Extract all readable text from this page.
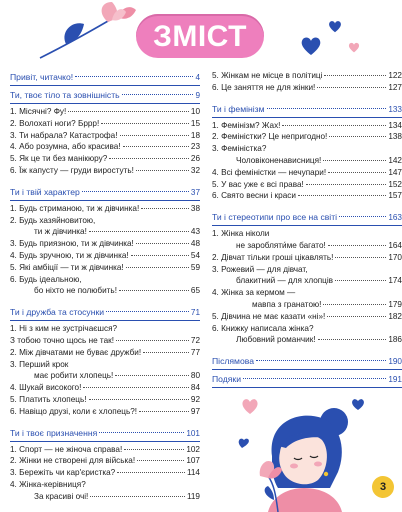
ЗМІСТ
Привіт, читачко!	4
Ти, твоє тіло та зовнішність	9
1. Місячні? Фу!	10
2. Волохаті ноги? Бррр!	15
3. Ти набрала? Катастрофа!	18
4. Або розумна, або красива!	23
5. Як це ти без манікюру?	26
6. Їж капусту — груди виростуть!	32
Ти і твій характер	37
1. Будь стриманою, ти ж дівчинка!	38
2. Будь хазяйновитою,
ти ж дівчинка!	43
3. Будь приязною, ти ж дівчинка!	48
4. Будь зручною, ти ж дівчинка!	54
5. Які амбіції — ти ж дівчинка!	59
6. Будь ідеальною,
бо ніхто не полюбить!	65
Ти і дружба та стосунки	71
1. Ні з ким не зустрічаєшся?
З тобою точно щось не так!	72
2. Між дівчатами не буває дружби!	77
3. Перший крок
має робити хлопець!	80
4. Шукай високого!	84
5. Платить хлопець!	92
6. Навіщо друзі, коли є хлопець?!	97
Ти і твоє призначення	101
1. Спорт — не жіноча справа!	102
2. Жінки не створені для війська!	107
3. Бережіть чи кар'єристка?	114
4. Жінка-керівниця?
За красиві очі!	119
5. Жінкам не місце в політиці	122
6. Це заняття не для жінки!	127
Ти і фемінізм	133
1. Фемінізм? Жах!	134
2. Феміністки? Це непригодно!	138
3. Феміністка?
Чоловіконенависниця!	142
4. Всі феміністки — нечупари!	147
5. У вас уже є всі права!	152
6. Свято весни і краси	157
Ти і стереотипи про все на світі	163
1. Жінка ніколи
не заробляти́ме багато!	164
2. Дівчат тільки гроші цікавлять!	170
3. Рожевий — для дівчат,
блакитний — для хлопців	174
4. Жінка за кермом —
мавпа з гранатою!	179
5. Дівчина не має казати «ні»!	182
6. Книжку написала жінка?
Любовний романчик!	186
Післямова	190
Подяки	191
3
